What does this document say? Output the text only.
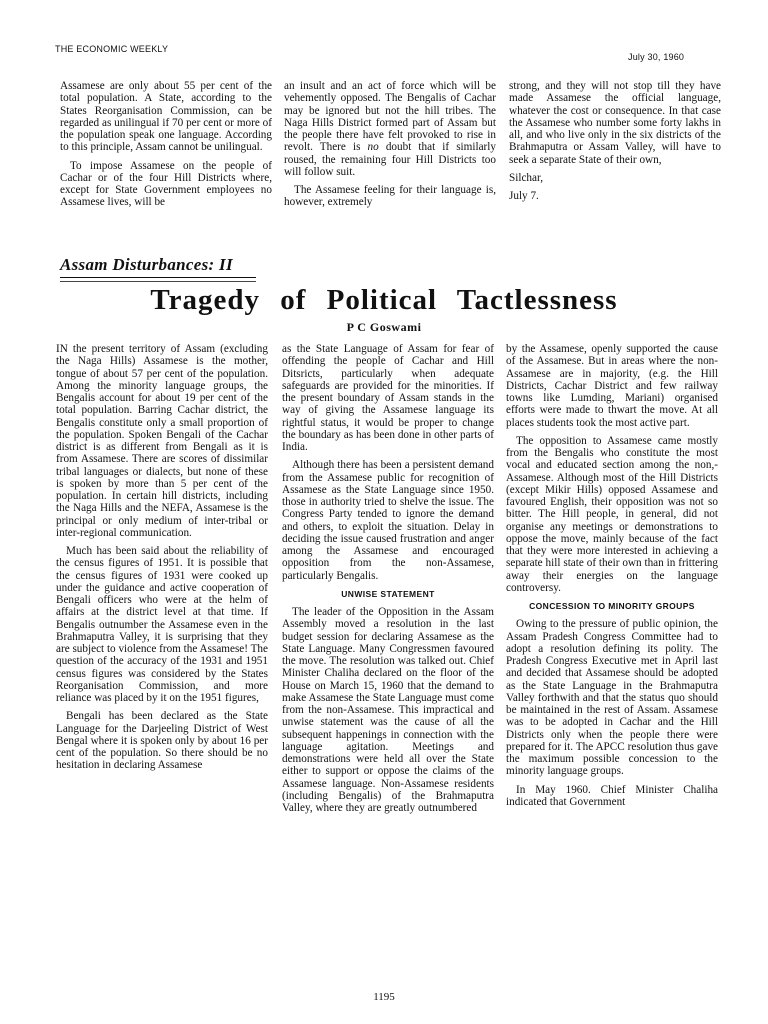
THE ECONOMIC WEEKLY
July 30, 1960

Assamese are only about 55 per cent of the total population. A State, according to the States Reorganisation Commission, can be regarded as unilingual if 70 per cent or more of the population speak one language. According to this principle, Assam cannot be unilingual.

To impose Assamese on the people of Cachar or of the four Hill Districts where, except for State Government employees no Assamese lives, will be

an insult and an act of force which will be vehemently opposed. The Bengalis of Cachar may be ignored but not the hill tribes. The Naga Hills District formed part of Assam but the people there have felt provoked to rise in revolt. There is no doubt that if similarly roused, the remaining four Hill Districts too will follow suit.

The Assamese feeling for their language is, however, extremely

strong, and they will not stop till they have made Assamese the official language, whatever the cost or consequence. In that case the Assamese who number some forty lakhs in all, and who live only in the six districts of the Brahmaputra or Assam Valley, will have to seek a separate State of their own,

Silchar,

July 7.

Assam Disturbances: II
Tragedy of Political Tactlessness
P C Goswami

IN the present territory of Assam (excluding the Naga Hills) Assamese is the mother, tongue of about 57 per cent of the population. Among the minority language groups, the Bengalis account for about 19 per cent of the total population. Barring Cachar district, the Bengalis constitute only a small proportion of the population. Spoken Bengali of the Cachar district is as different from Bengali as it is from Assamese. There are scores of dissimilar tribal languages or dialects, but none of these is spoken by more than 5 per cent of the population. In certain hill districts, including the Naga Hills and the NEFA, Assamese is the principal or only medium of inter-tribal or inter-regional communication.

Much has been said about the reliability of the census figures of 1951. It is possible that the census figures of 1931 were cooked up under the guidance and active cooperation of Bengali officers who were at the helm of affairs at the district level at that time. If Bengalis outnumber the Assamese even in the Brahmaputra Valley, it is surprising that they are subject to violence from the Assamese! The question of the accuracy of the 1931 and 1951 census figures was considered by the States Reorganisation Commission, and more reliance was placed by it on the 1951 figures,

Bengali has been declared as the State Language for the Darjeeling District of West Bengal where it is spoken only by about 16 per cent of the population. So there should be no hesitation in declaring Assamese

as the State Language of Assam for fear of offending the people of Cachar and Hill Ditsricts, particularly when adequate safeguards are provided for the minorities. If the present boundary of Assam stands in the way of giving the Assamese language its rightful status, it would be proper to change the boundary as has been done in other parts of India.

Although there has been a persistent demand from the Assamese public for recognition of Assamese as the State Language since 1950. those in authority tried to shelve the issue. The Congress Party tended to ignore the demand and others, to exploit the situation. Delay in deciding the issue caused frustration and anger among the Assamese and encouraged opposition from the non-Assamese, particularly Bengalis.

UNWISE STATEMENT

The leader of the Opposition in the Assam Assembly moved a resolution in the last budget session for declaring Assamese as the State Language. Many Congressmen favoured the move. The resolution was talked out. Chief Minister Chaliha declared on the floor of the House on March 15, 1960 that the demand to make Assamese the State Language must come from the non-Assamese. This impractical and unwise statement was the cause of all the subsequent happenings in connection with the language agitation. Meetings and demonstrations were held all over the State either to support or oppose the claims of the Assamese language. Non-Assamese residents (including Bengalis) of the Brahmaputra Valley, where they are greatly outnumbered

by the Assamese, openly supported the cause of the Assamese. But in areas where the non-Assamese are in majority, (e.g. the Hill Districts, Cachar District and few railway towns like Lumding, Mariani) organised efforts were made to thwart the move. At all places students took the most active part.

The opposition to Assamese came mostly from the Bengalis who constitute the most vocal and educated section among the non,-Assamese. Although most of the Hill Districts (except Mikir Hills) opposed Assamese and favoured English, their opposition was not so bitter. The Hill people, in general, did not organise any meetings or demonstrations to oppose the move, mainly because of the fact that they were more interested in achieving a separate hill state of their own than in frittering away their energies on the language controversy.

CONCESSION TO MINORITY GROUPS

Owing to the pressure of public opinion, the Assam Pradesh Congress Committee had to adopt a resolution defining its polity. The Pradesh Congress Executive met in April last and decided that Assamese should be adopted as the State Language in the Brahmaputra Valley forthwith and that the status quo should be maintained in the rest of Assam. Assamese was to be adopted in Cachar and the Hill Districts only when the people there were prepared for it. The APCC resolution thus gave the maximum possible concession to the minority language groups.

In May 1960. Chief Minister Chaliha indicated that Government

1195
